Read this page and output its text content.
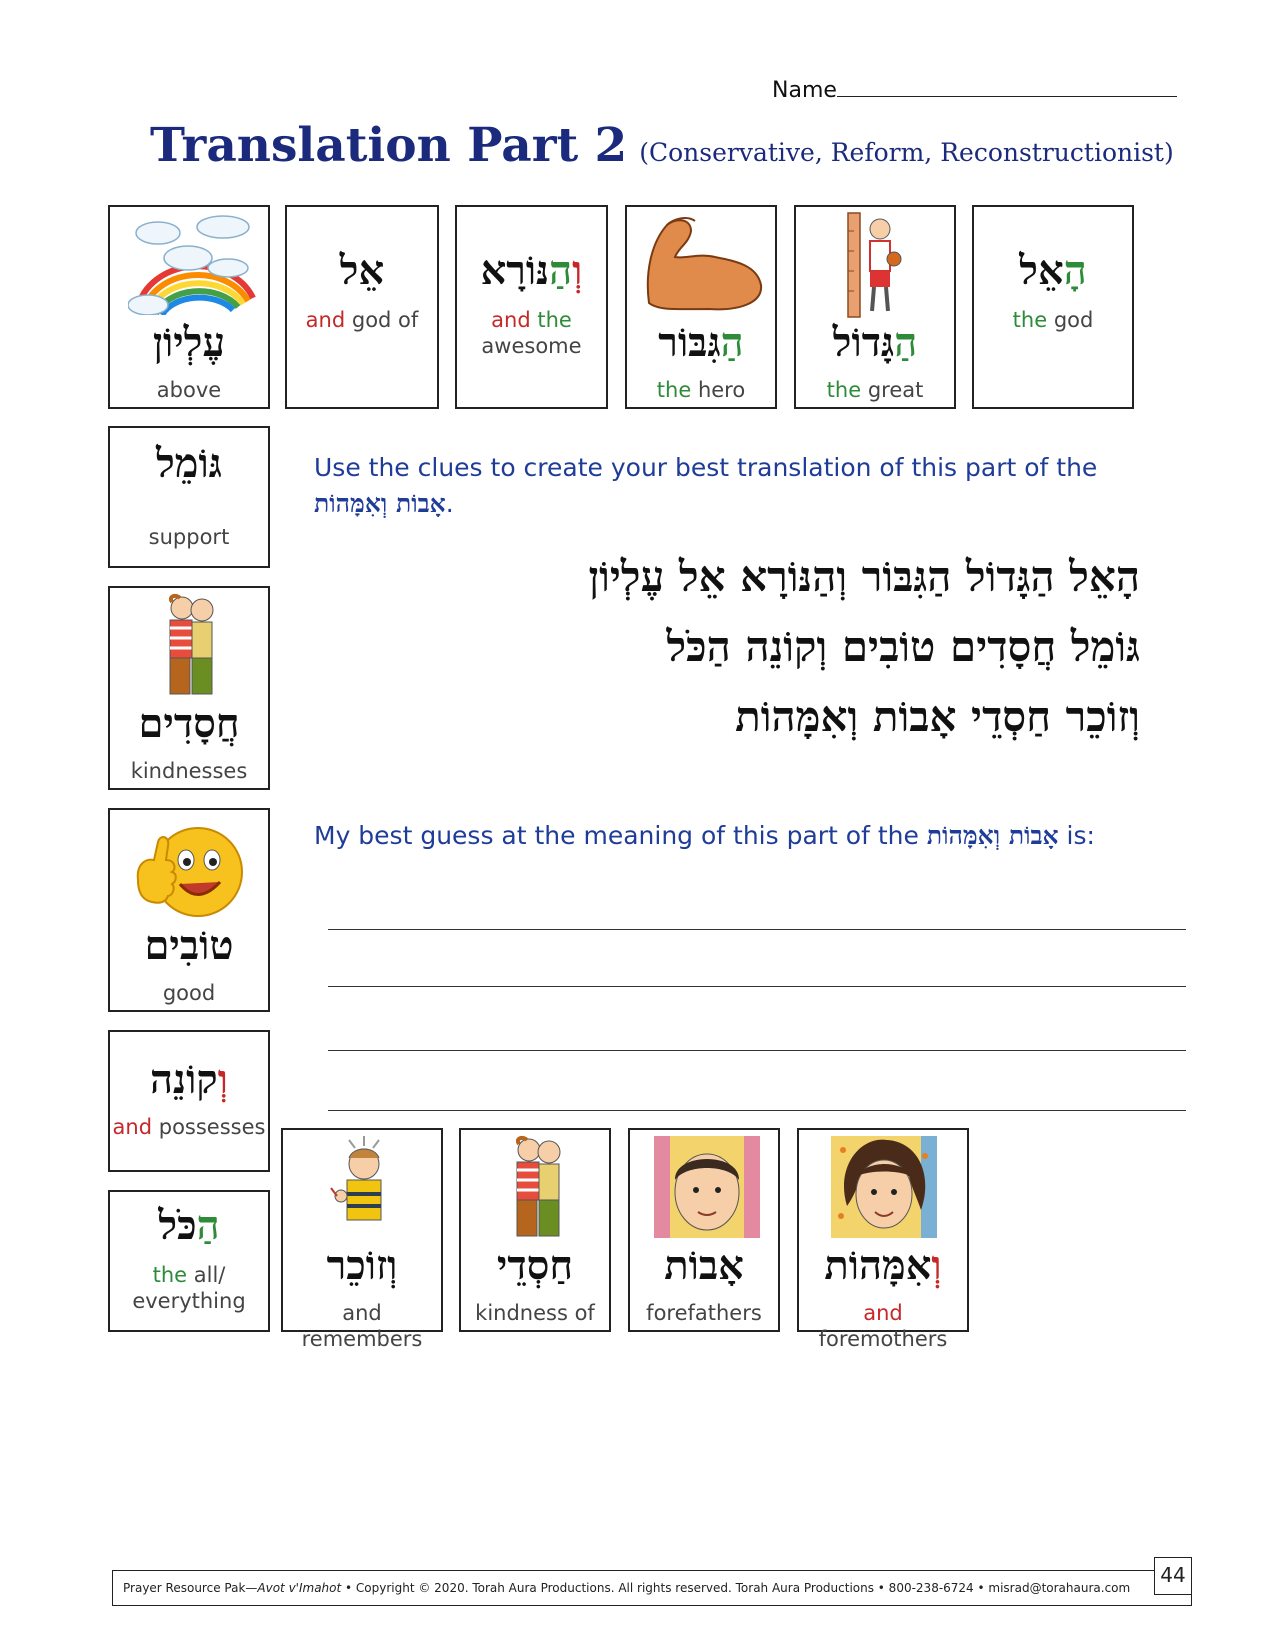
Name
Translation Part 2 (Conservative, Reform, Reconstructionist)
עֶלְיוֹן
above
אֵל
and god of
וְהַנּוֹרָא
and the
awesome	הַגִּבּוֹר
the hero
הַגָּדוֹל
the great
הָאֵל
the god
גּוֹמֵל
support
חֲסָדִים
kindnesses
טוֹבִים
good
וְקוֹנֵה
and possesses
הַכֹּל
the all/
everything
וְזוֹכֵר
and remembers
חַסְדֵי
kindness of
אָבוֹת
forefathers
וְאִמָּהוֹת
and foremothers
Use the clues to create your best translation of this part of the
אָבוֹת וְאִמָּהוֹת.
הָאֵל הַגָּדוֹל הַגִּבּוֹר וְהַנּוֹרָא אֵל עֶלְיוֹן
גּוֹמֵל חֲסָדִים טוֹבִים וְקוֹנֵה הַכֹּל
וְזוֹכֵר חַסְדֵי אָבוֹת וְאִמָּהוֹת
My best guess at the meaning of this part of the אָבוֹת וְאִמָּהוֹת is:
Prayer Resource Pak—Avot v'Imahot • Copyright © 2020. Torah Aura Productions. All rights reserved. Torah Aura Productions • 800-238-6724 • misrad@torahaura.com
44
